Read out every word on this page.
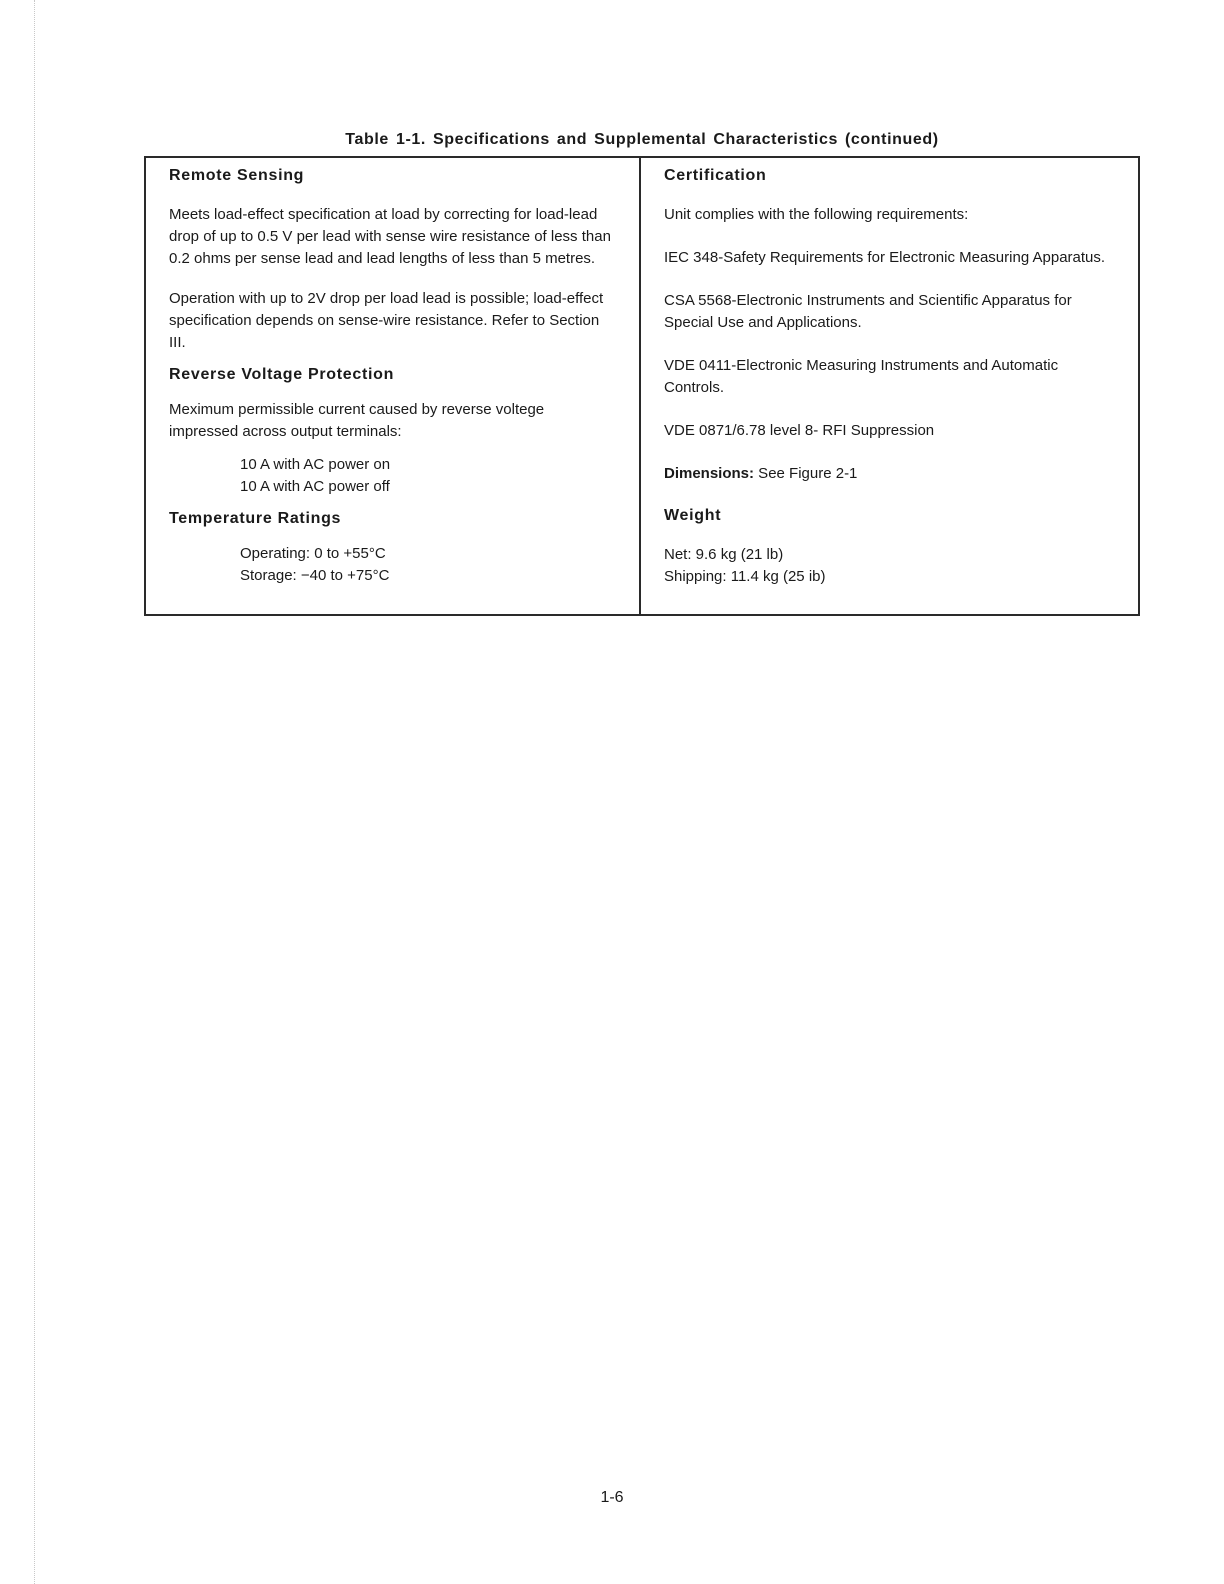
Table 1-1. Specifications and Supplemental Characteristics (continued)
Remote Sensing

Meets load-effect specification at load by correcting for load-lead drop of up to 0.5 V per lead with sense wire resistance of less than 0.2 ohms per sense lead and lead lengths of less than 5 metres.

Operation with up to 2V drop per load lead is possible; load-effect specification depends on sense-wire resistance. Refer to Section III.

Reverse Voltage Protection

Meximum permissible current caused by reverse voltege impressed across output terminals:

10 A with AC power on

10 A with AC power off

Temperature Ratings

Operating: 0 to +55°C

Storage: −40 to +75°C

Certification

Unit complies with the following requirements:

IEC 348-Safety Requirements for Electronic Measuring Apparatus.

CSA 5568-Electronic Instruments and Scientific Apparatus for Special Use and Applications.

VDE 0411-Electronic Measuring Instruments and Automatic Controls.

VDE 0871/6.78 level 8- RFI Suppression

Dimensions: See Figure 2-1

Weight

Net: 9.6 kg (21 lb)

Shipping: 11.4 kg (25 ib)

1-6
